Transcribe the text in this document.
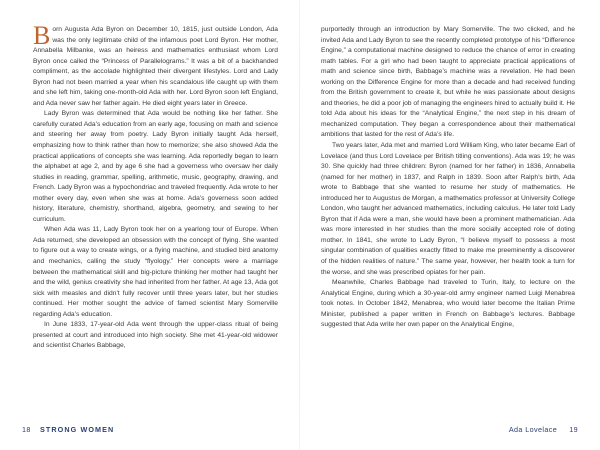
Born Augusta Ada Byron on December 10, 1815, just outside London, Ada was the only legitimate child of the infamous poet Lord Byron. Her mother, Annabella Milbanke, was an heiress and mathematics enthusiast whom Lord Byron once called the “Princess of Parallelograms.” It was a bit of a backhanded compliment, as the accolade highlighted their divergent lifestyles. Lord and Lady Byron had not been married a year when his scandalous life caught up with them and she left him, taking one-month-old Ada with her. Lord Byron soon left England, and Ada never saw her father again. He died eight years later in Greece.

Lady Byron was determined that Ada would be nothing like her father. She carefully curated Ada’s education from an early age, focusing on math and science and steering her away from poetry. Lady Byron initially taught Ada herself, emphasizing how to think rather than how to memorize; she also showed Ada the practical applications of concepts she was learning. Ada reportedly began to learn the alphabet at age 2, and by age 6 she had a governess who oversaw her daily studies in reading, grammar, spelling, arithmetic, music, geography, drawing, and French. Lady Byron was a hypochondriac and traveled frequently. Ada wrote to her mother every day, even when she was at home. Ada’s governess soon added history, literature, chemistry, shorthand, algebra, geometry, and sewing to her curriculum.

When Ada was 11, Lady Byron took her on a yearlong tour of Europe. When Ada returned, she developed an obsession with the concept of flying. She wanted to figure out a way to create wings, or a flying machine, and studied bird anatomy and mechanics, calling the study “flyology.” Her concepts were a marriage between the mathematical skill and big-picture thinking her mother had taught her and the wild, genius creativity she had inherited from her father. At age 13, Ada got sick with measles and didn’t fully recover until three years later, but her studies continued. Her mother sought the advice of famed scientist Mary Somerville regarding Ada’s education.

In June 1833, 17-year-old Ada went through the upper-class ritual of being presented at court and introduced into high society. She met 41-year-old widower and scientist Charles Babbage,

18 STRONG WOMEN

purportedly through an introduction by Mary Somerville. The two clicked, and he invited Ada and Lady Byron to see the recently completed prototype of his “Difference Engine,” a computational machine designed to reduce the chance of error in creating math tables. For a girl who had been taught to appreciate practical applications of math and science since birth, Babbage’s machine was a revelation. He had been working on the Difference Engine for more than a decade and had received funding from the British government to create it, but while he was passionate about designs and theories, he did a poor job of managing the engineers hired to actually build it. He told Ada about his ideas for the “Analytical Engine,” the next step in his dream of mechanized computation. They began a correspondence about their mathematical ambitions that lasted for the rest of Ada’s life.

Two years later, Ada met and married Lord William King, who later became Earl of Lovelace (and thus Lord Lovelace per British titling conventions). Ada was 19; he was 30. She quickly had three children: Byron (named for her father) in 1836, Annabella (named for her mother) in 1837, and Ralph in 1839. Soon after Ralph’s birth, Ada wrote to Babbage that she wanted to resume her study of mathematics. He introduced her to Augustus de Morgan, a mathematics professor at University College London, who taught her advanced mathematics, including calculus. He later told Lady Byron that if Ada were a man, she would have been a prominent mathematician. Ada was more interested in her studies than the more socially accepted role of doting mother. In 1841, she wrote to Lady Byron, “I believe myself to possess a most singular combination of qualities exactly fitted to make me preeminently a discoverer of the hidden realities of nature.” The same year, however, her health took a turn for the worse, and she was prescribed opiates for her pain.

Meanwhile, Charles Babbage had traveled to Turin, Italy, to lecture on the Analytical Engine, during which a 30-year-old army engineer named Luigi Menabrea took notes. In October 1842, Menabrea, who would later become the Italian Prime Minister, published a paper written in French on Babbage’s lectures. Babbage suggested that Ada write her own paper on the Analytical Engine,

Ada Lovelace 19
